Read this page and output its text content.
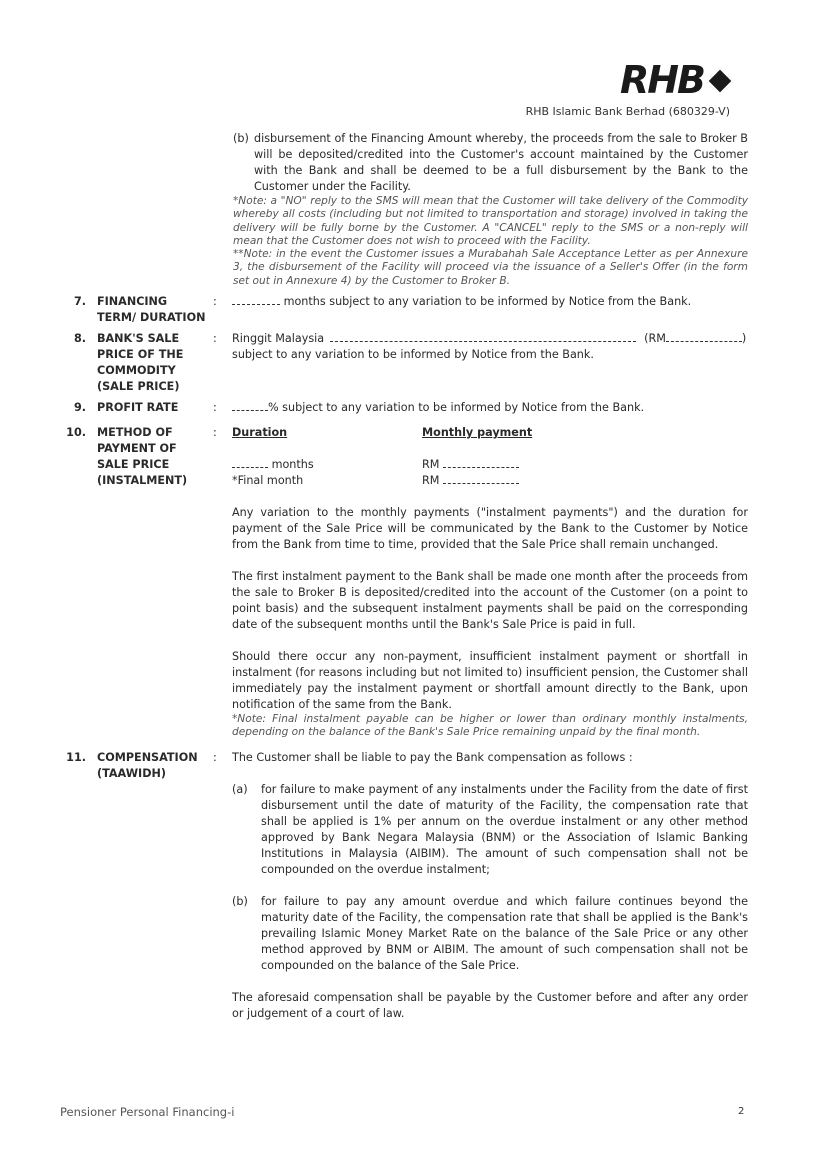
RHB
RHB Islamic Bank Berhad (680329-V)
(b) disbursement of the Financing Amount whereby, the proceeds from the sale to Broker B will be deposited/credited into the Customer's account maintained by the Customer with the Bank and shall be deemed to be a full disbursement by the Bank to the Customer under the Facility.
*Note: a "NO" reply to the SMS will mean that the Customer will take delivery of the Commodity whereby all costs (including but not limited to transportation and storage) involved in taking the delivery will be fully borne by the Customer. A "CANCEL" reply to the SMS or a non-reply will mean that the Customer does not wish to proceed with the Facility.
**Note: in the event the Customer issues a Murabahah Sale Acceptance Letter as per Annexure 3, the disbursement of the Facility will proceed via the issuance of a Seller's Offer (in the form set out in Annexure 4) by the Customer to Broker B.
7. FINANCING TERM/ DURATION
:	months subject to any variation to be informed by Notice from the Bank.
8. BANK'S SALE PRICE OF THE COMMODITY (SALE PRICE)
: Ringgit Malaysia	(RM	)
subject to any variation to be informed by Notice from the Bank.
9. PROFIT RATE	:	% subject to any variation to be informed by Notice from the Bank.
10. METHOD OF PAYMENT OF SALE PRICE (INSTALMENT)
: Duration	Monthly payment
months	RM
*Final month	RM
Any variation to the monthly payments ("instalment payments") and the duration for payment of the Sale Price will be communicated by the Bank to the Customer by Notice from the Bank from time to time, provided that the Sale Price shall remain unchanged.
The first instalment payment to the Bank shall be made one month after the proceeds from the sale to Broker B is deposited/credited into the account of the Customer (on a point to point basis) and the subsequent instalment payments shall be paid on the corresponding date of the subsequent months until the Bank's Sale Price is paid in full.
Should there occur any non-payment, insufficient instalment payment or shortfall in instalment (for reasons including but not limited to) insufficient pension, the Customer shall immediately pay the instalment payment or shortfall amount directly to the Bank, upon notification of the same from the Bank.
*Note: Final instalment payable can be higher or lower than ordinary monthly instalments, depending on the balance of the Bank's Sale Price remaining unpaid by the final month.
11. COMPENSATION (TAAWIDH)
: The Customer shall be liable to pay the Bank compensation as follows :
(a) for failure to make payment of any instalments under the Facility from the date of first disbursement until the date of maturity of the Facility, the compensation rate that shall be applied is 1% per annum on the overdue instalment or any other method approved by Bank Negara Malaysia (BNM) or the Association of Islamic Banking Institutions in Malaysia (AIBIM). The amount of such compensation shall not be compounded on the overdue instalment;
(b) for failure to pay any amount overdue and which failure continues beyond the maturity date of the Facility, the compensation rate that shall be applied is the Bank's prevailing Islamic Money Market Rate on the balance of the Sale Price or any other method approved by BNM or AIBIM. The amount of such compensation shall not be compounded on the balance of the Sale Price.
The aforesaid compensation shall be payable by the Customer before and after any order or judgement of a court of law.
Pensioner Personal Financing-i	2
